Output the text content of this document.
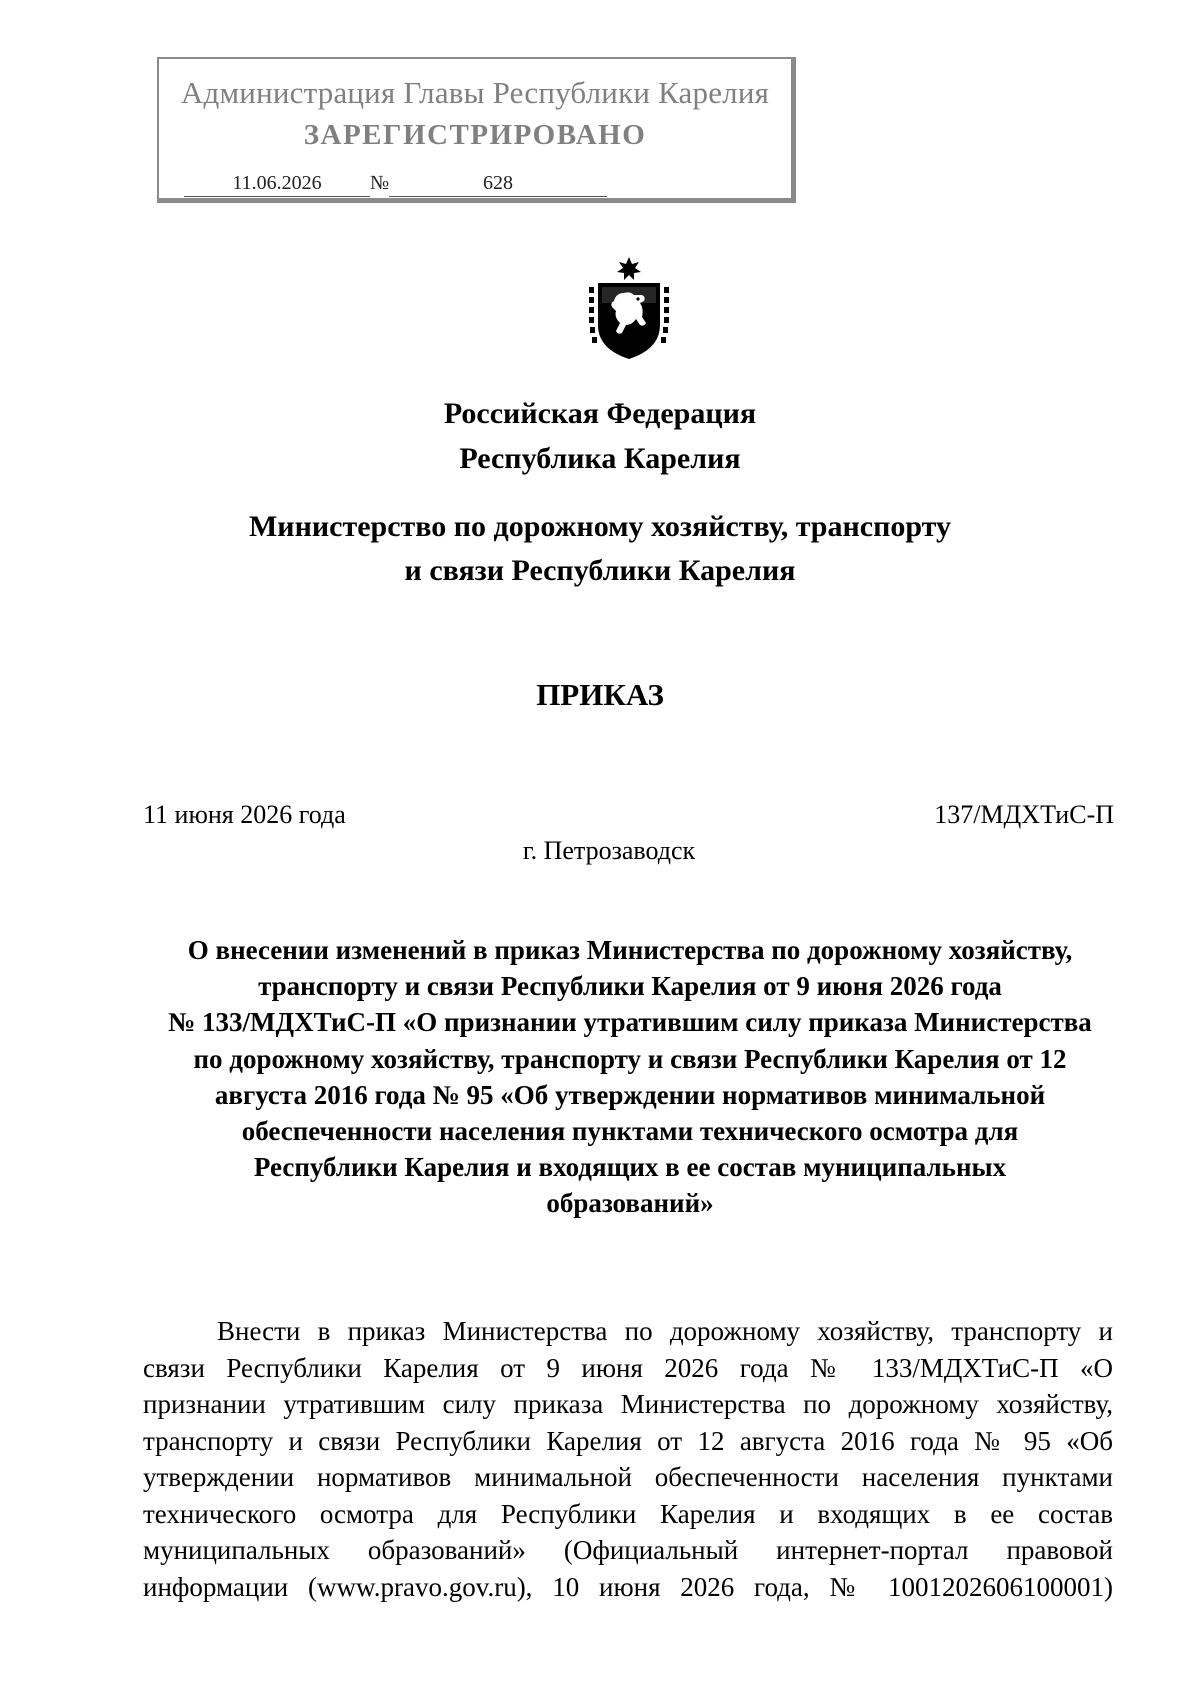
Администрация Главы Республики Карелия
ЗАРЕГИСТРИРОВАНО
11.06.2026	№	628
Российская Федерация
Республика Карелия
Министерство по дорожному хозяйству, транспорту
и связи Республики Карелия
ПРИКАЗ
11 июня 2026 года	137/МДХТиС-П
г. Петрозаводск
О внесении изменений в приказ Министерства по дорожному хозяйству,
транспорту и связи Республики Карелия от 9 июня 2026 года
№ 133/МДХТиС-П «О признании утратившим силу приказа Министерства
по дорожному хозяйству, транспорту и связи Республики Карелия от 12
августа 2016 года № 95 «Об утверждении нормативов минимальной
обеспеченности населения пунктами технического осмотра для
Республики Карелия и входящих в ее состав муниципальных
образований»
Внести в приказ Министерства по дорожному хозяйству, транспорту и
связи Республики Карелия от 9 июня 2026 года № 133/МДХТиС-П «О
признании утратившим силу приказа Министерства по дорожному хозяйству,
транспорту и связи Республики Карелия от 12 августа 2016 года № 95 «Об
утверждении нормативов минимальной обеспеченности населения пунктами
технического осмотра для Республики Карелия и входящих в ее состав
муниципальных образований» (Официальный интернет-портал правовой
информации (www.pravo.gov.ru), 10 июня 2026 года, № 1001202606100001)
